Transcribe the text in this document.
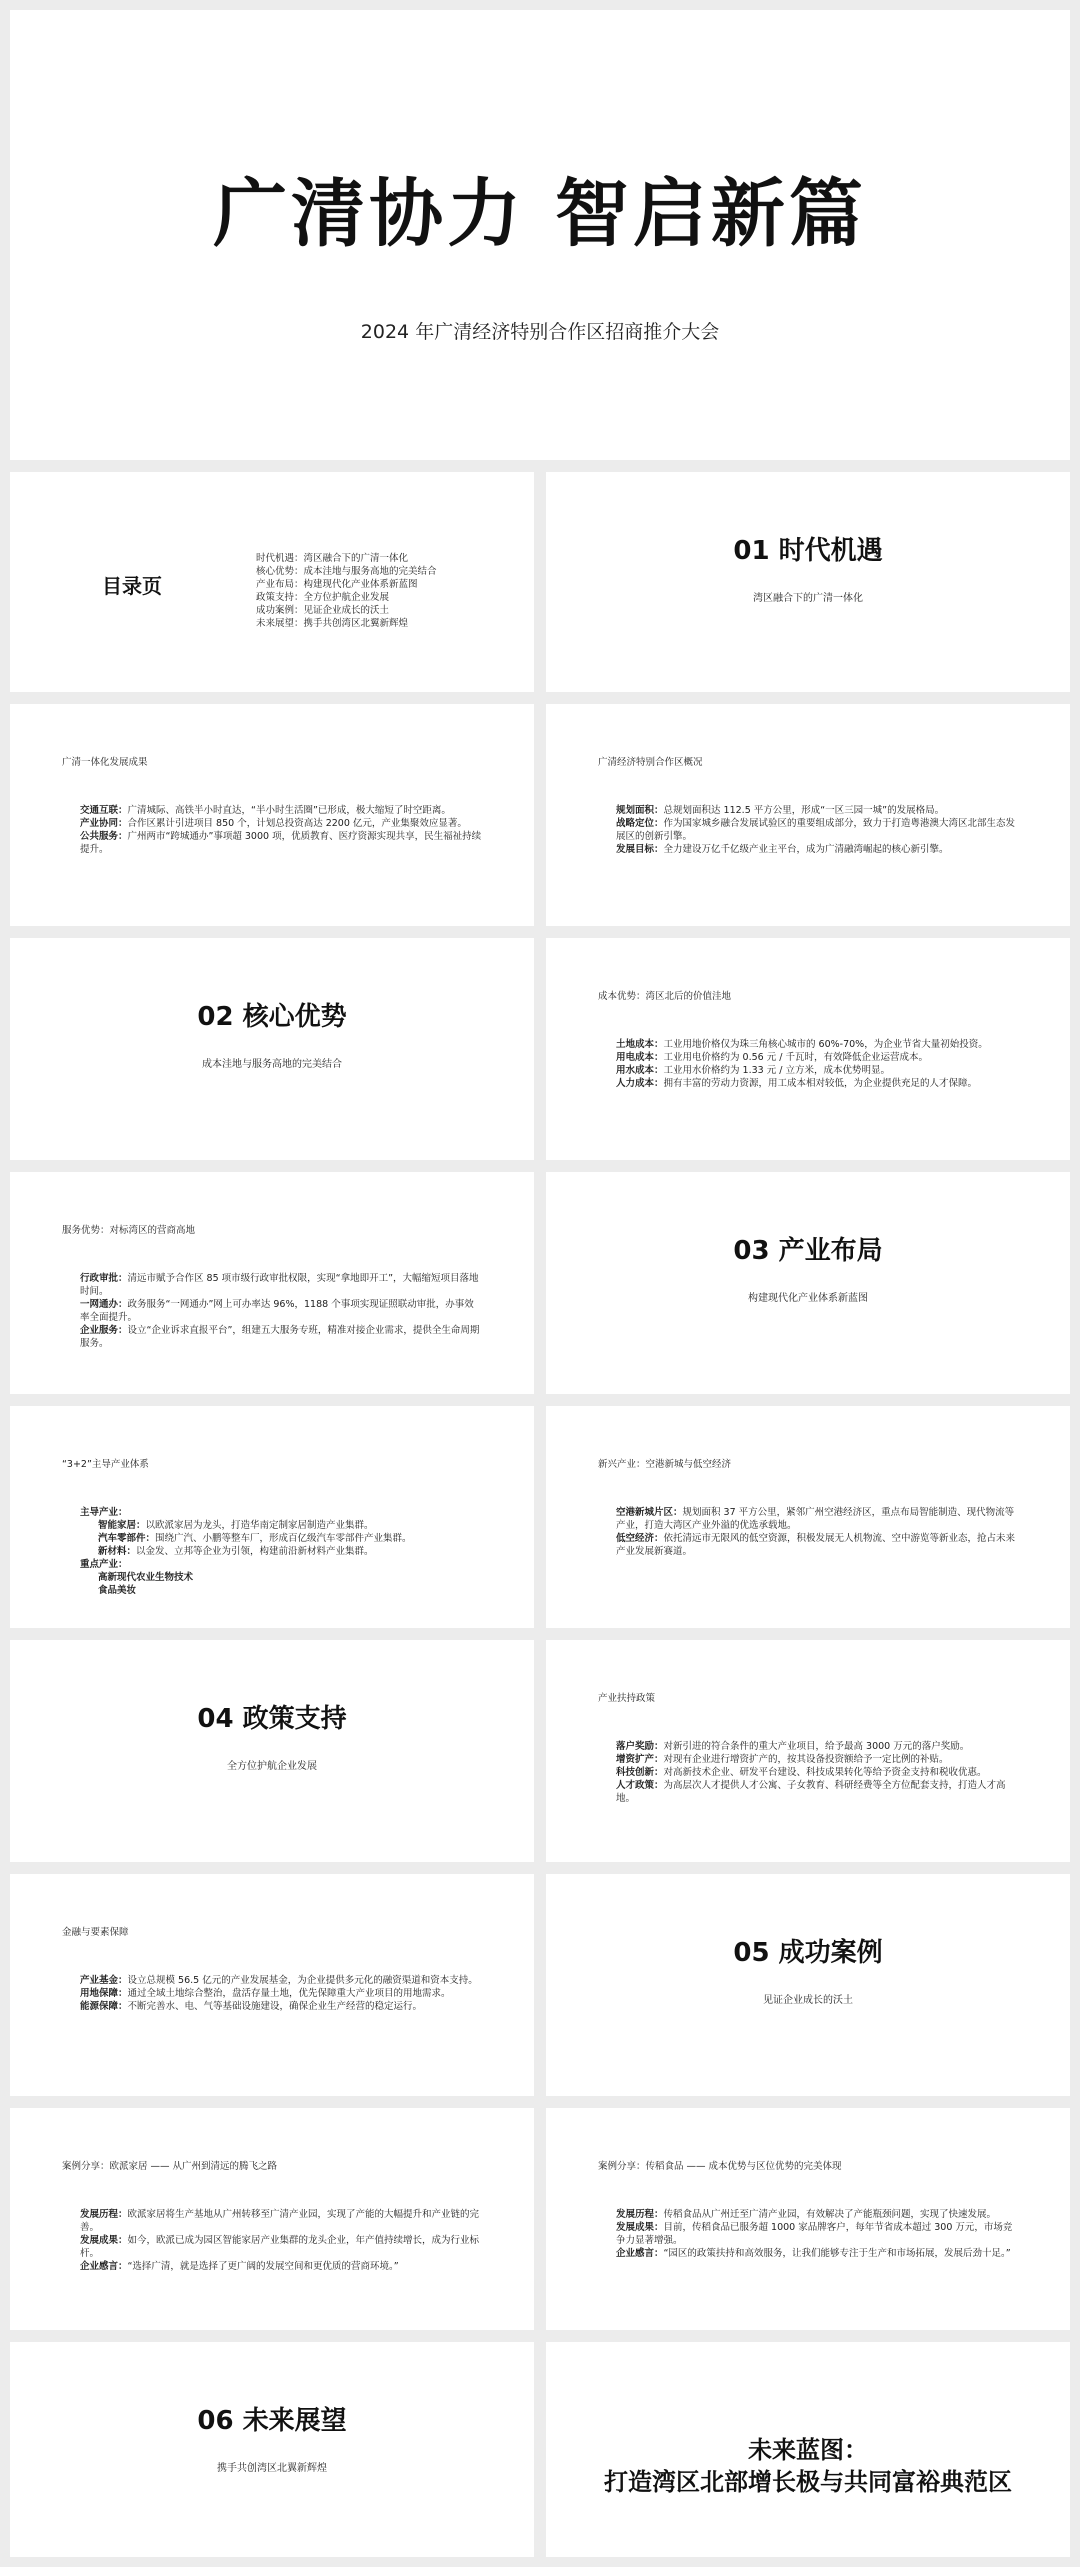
广清协力 智启新篇
2024 年广清经济特别合作区招商推介大会
目录页
时代机遇：湾区融合下的广清一体化
核心优势：成本洼地与服务高地的完美结合
产业布局：构建现代化产业体系新蓝图
政策支持：全方位护航企业发展
成功案例：见证企业成长的沃土
未来展望：携手共创湾区北翼新辉煌
01 时代机遇
湾区融合下的广清一体化
广清一体化发展成果
交通互联：广清城际、高铁半小时直达，“半小时生活圈”已形成，极大缩短了时空距离。
产业协同：合作区累计引进项目 850 个，计划总投资高达 2200 亿元，产业集聚效应显著。
公共服务：广州两市“跨城通办”事项超 3000 项，优质教育、医疗资源实现共享，民生福祉持续提升。
广清经济特别合作区概况
规划面积：总规划面积达 112.5 平方公里，形成“一区三园一城”的发展格局。
战略定位：作为国家城乡融合发展试验区的重要组成部分，致力于打造粤港澳大湾区北部生态发展区的创新引擎。
发展目标：全力建设万亿千亿级产业主平台，成为广清融湾崛起的核心新引擎。
02 核心优势
成本洼地与服务高地的完美结合
成本优势：湾区北后的价值洼地
土地成本：工业用地价格仅为珠三角核心城市的 60%-70%，为企业节省大量初始投资。
用电成本：工业用电价格约为 0.56 元 / 千瓦时，有效降低企业运营成本。
用水成本：工业用水价格约为 1.33 元 / 立方米，成本优势明显。
人力成本：拥有丰富的劳动力资源，用工成本相对较低，为企业提供充足的人才保障。
服务优势：对标湾区的营商高地
行政审批：清远市赋予合作区 85 项市级行政审批权限，实现“拿地即开工”，大幅缩短项目落地时间。
一网通办：政务服务“一网通办”网上可办率达 96%，1188 个事项实现证照联动审批，办事效率全面提升。
企业服务：设立“企业诉求直报平台”，组建五大服务专班，精准对接企业需求，提供全生命周期服务。
03 产业布局
构建现代化产业体系新蓝图
“3+2”主导产业体系
主导产业：
智能家居：以欧派家居为龙头，打造华南定制家居制造产业集群。
汽车零部件：围绕广汽、小鹏等整车厂，形成百亿级汽车零部件产业集群。
新材料：以金发、立邦等企业为引领，构建前沿新材料产业集群。
重点产业：
高新现代农业生物技术
食品美妆
新兴产业：空港新城与低空经济
空港新城片区：规划面积 37 平方公里，紧邻广州空港经济区，重点布局智能制造、现代物流等产业，打造大湾区产业外溢的优选承载地。
低空经济：依托清远市无限风的低空资源，积极发展无人机物流、空中游览等新业态，抢占未来产业发展新赛道。
04 政策支持
全方位护航企业发展
产业扶持政策
落户奖励：对新引进的符合条件的重大产业项目，给予最高 3000 万元的落户奖励。
增资扩产：对现有企业进行增资扩产的，按其设备投资额给予一定比例的补贴。
科技创新：对高新技术企业、研发平台建设、科技成果转化等给予资金支持和税收优惠。
人才政策：为高层次人才提供人才公寓、子女教育、科研经费等全方位配套支持，打造人才高地。
金融与要素保障
产业基金：设立总规模 56.5 亿元的产业发展基金，为企业提供多元化的融资渠道和资本支持。
用地保障：通过全域土地综合整治，盘活存量土地，优先保障重大产业项目的用地需求。
能源保障：不断完善水、电、气等基础设施建设，确保企业生产经营的稳定运行。
05 成功案例
见证企业成长的沃土
案例分享：欧派家居 —— 从广州到清远的腾飞之路
发展历程：欧派家居将生产基地从广州转移至广清产业园，实现了产能的大幅提升和产业链的完善。
发展成果：如今，欧派已成为园区智能家居产业集群的龙头企业，年产值持续增长，成为行业标杆。
企业感言：“选择广清，就是选择了更广阔的发展空间和更优质的营商环境。”
案例分享：传稻食品 —— 成本优势与区位优势的完美体现
发展历程：传稻食品从广州迁至广清产业园，有效解决了产能瓶颈问题，实现了快速发展。
发展成果：目前，传稻食品已服务超 1000 家品牌客户，每年节省成本超过 300 万元，市场竞争力显著增强。
企业感言：“园区的政策扶持和高效服务，让我们能够专注于生产和市场拓展，发展后劲十足。”
06 未来展望
携手共创湾区北翼新辉煌
未来蓝图：
打造湾区北部增长极与共同富裕典范区
